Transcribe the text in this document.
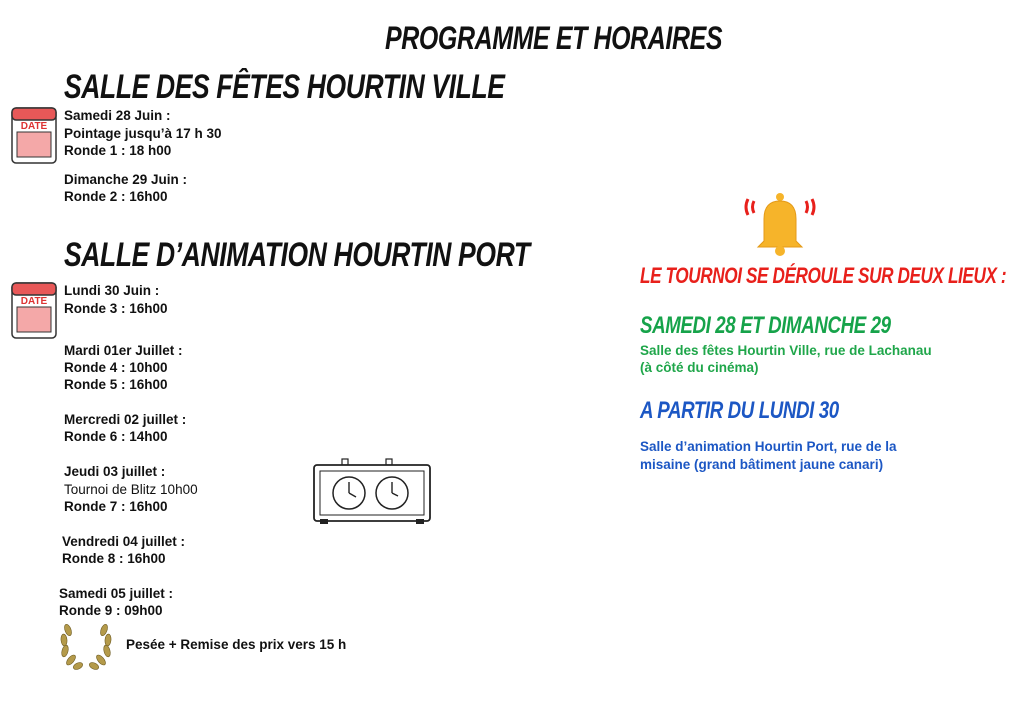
PROGRAMME ET HORAIRES
SALLE DES FÊTES HOURTIN VILLE
DATE
Samedi 28 Juin :
Pointage jusqu’à 17 h 30
Ronde 1 : 18 h00
Dimanche 29 Juin :
Ronde 2 : 16h00
SALLE D’ANIMATION HOURTIN PORT
DATE
Lundi 30 Juin :
Ronde 3 : 16h00
Mardi 01er Juillet :
Ronde 4 : 10h00
Ronde 5 : 16h00
Mercredi 02 juillet :
Ronde 6 : 14h00
Jeudi 03 juillet :
Tournoi de Blitz 10h00
Ronde 7 : 16h00
Vendredi 04 juillet :
Ronde 8 : 16h00
Samedi 05 juillet :
Ronde 9 : 09h00
Pesée + Remise des prix vers 15 h
LE TOURNOI SE DÉROULE SUR DEUX LIEUX :
SAMEDI 28 ET DIMANCHE 29
Salle des fêtes Hourtin Ville, rue de Lachanau
(à côté du cinéma)
A PARTIR DU LUNDI 30
Salle d’animation Hourtin Port, rue de la
misaine (grand bâtiment jaune canari)
